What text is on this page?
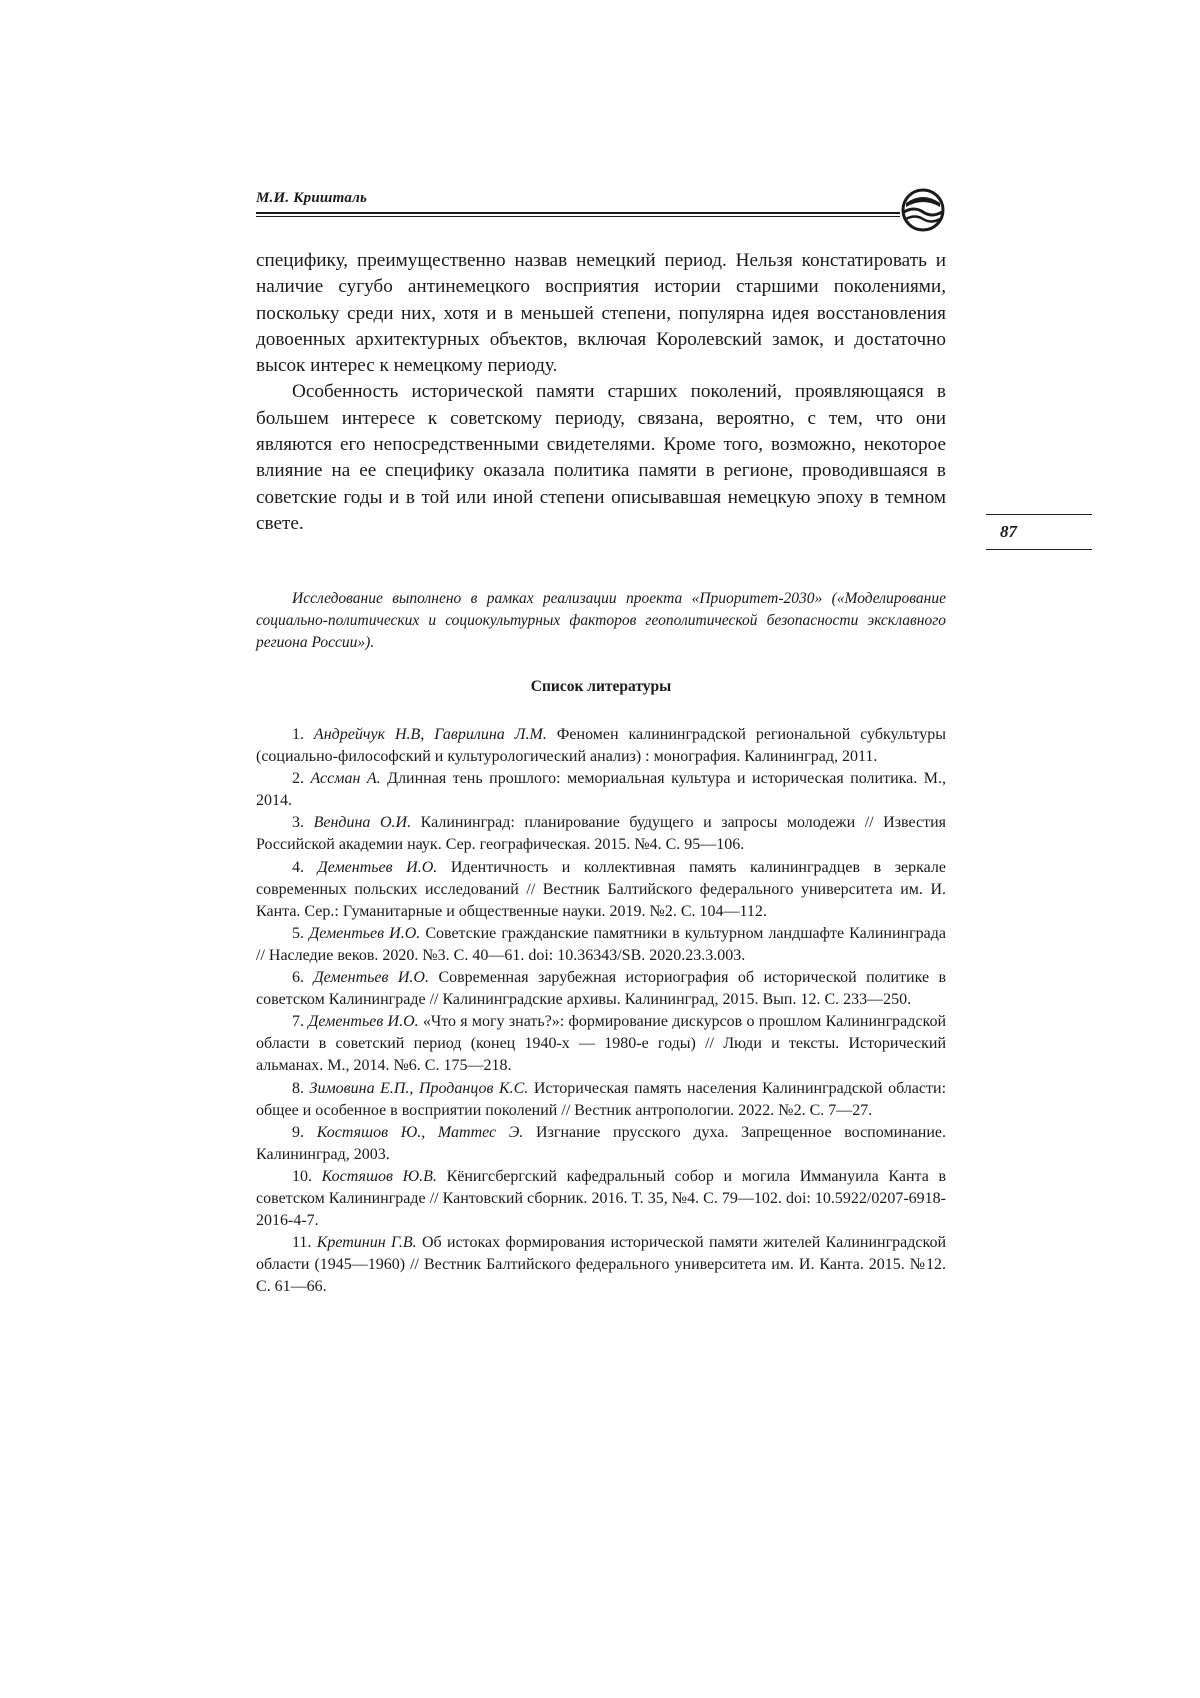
М.И. Кришталь
87

специфику, преимущественно назвав немецкий период. Нельзя констатировать и наличие сугубо антинемецкого восприятия истории старшими поколениями, поскольку среди них, хотя и в меньшей степени, популярна идея восстановления довоенных архитектурных объектов, включая Королевский замок, и достаточно высок интерес к немецкому периоду.

Особенность исторической памяти старших поколений, проявляющаяся в большем интересе к советскому периоду, связана, вероятно, с тем, что они являются его непосредственными свидетелями. Кроме того, возможно, некоторое влияние на ее специфику оказала политика памяти в регионе, проводившаяся в советские годы и в той или иной степени описывавшая немецкую эпоху в темном свете.

Исследование выполнено в рамках реализации проекта «Приоритет-2030» («Моделирование социально-политических и социокультурных факторов геополитической безопасности эксклавного региона России»).

Список литературы

1. Андрейчук Н.В, Гаврилина Л.М. Феномен калининградской региональной субкультуры (социально-философский и культурологический анализ) : монография. Калининград, 2011.

2. Ассман А. Длинная тень прошлого: мемориальная культура и историческая политика. М., 2014.

3. Вендина О.И. Калининград: планирование будущего и запросы молодежи // Известия Российской академии наук. Сер. географическая. 2015. №4. С. 95—106.

4. Дементьев И.О. Идентичность и коллективная память калининградцев в зеркале современных польских исследований // Вестник Балтийского федерального университета им. И. Канта. Сер.: Гуманитарные и общественные науки. 2019. №2. С. 104—112.

5. Дементьев И.О. Советские гражданские памятники в культурном ландшафте Калининграда // Наследие веков. 2020. №3. С. 40—61. doi: 10.36343/SB. 2020.23.3.003.

6. Дементьев И.О. Современная зарубежная историография об исторической политике в советском Калининграде // Калининградские архивы. Калининград, 2015. Вып. 12. С. 233—250.

7. Дементьев И.О. «Что я могу знать?»: формирование дискурсов о прошлом Калининградской области в советский период (конец 1940-х — 1980-е годы) // Люди и тексты. Исторический альманах. М., 2014. №6. С. 175—218.

8. Зимовина Е.П., Проданцов К.С. Историческая память населения Калининградской области: общее и особенное в восприятии поколений // Вестник антропологии. 2022. №2. С. 7—27.

9. Костяшов Ю., Маттес Э. Изгнание прусского духа. Запрещенное воспоминание. Калининград, 2003.

10. Костяшов Ю.В. Кёнигсбергский кафедральный собор и могила Иммануила Канта в советском Калининграде // Кантовский сборник. 2016. Т. 35, №4. С. 79—102. doi: 10.5922/0207-6918-2016-4-7.

11. Кретинин Г.В. Об истоках формирования исторической памяти жителей Калининградской области (1945—1960) // Вестник Балтийского федерального университета им. И. Канта. 2015. №12. С. 61—66.
